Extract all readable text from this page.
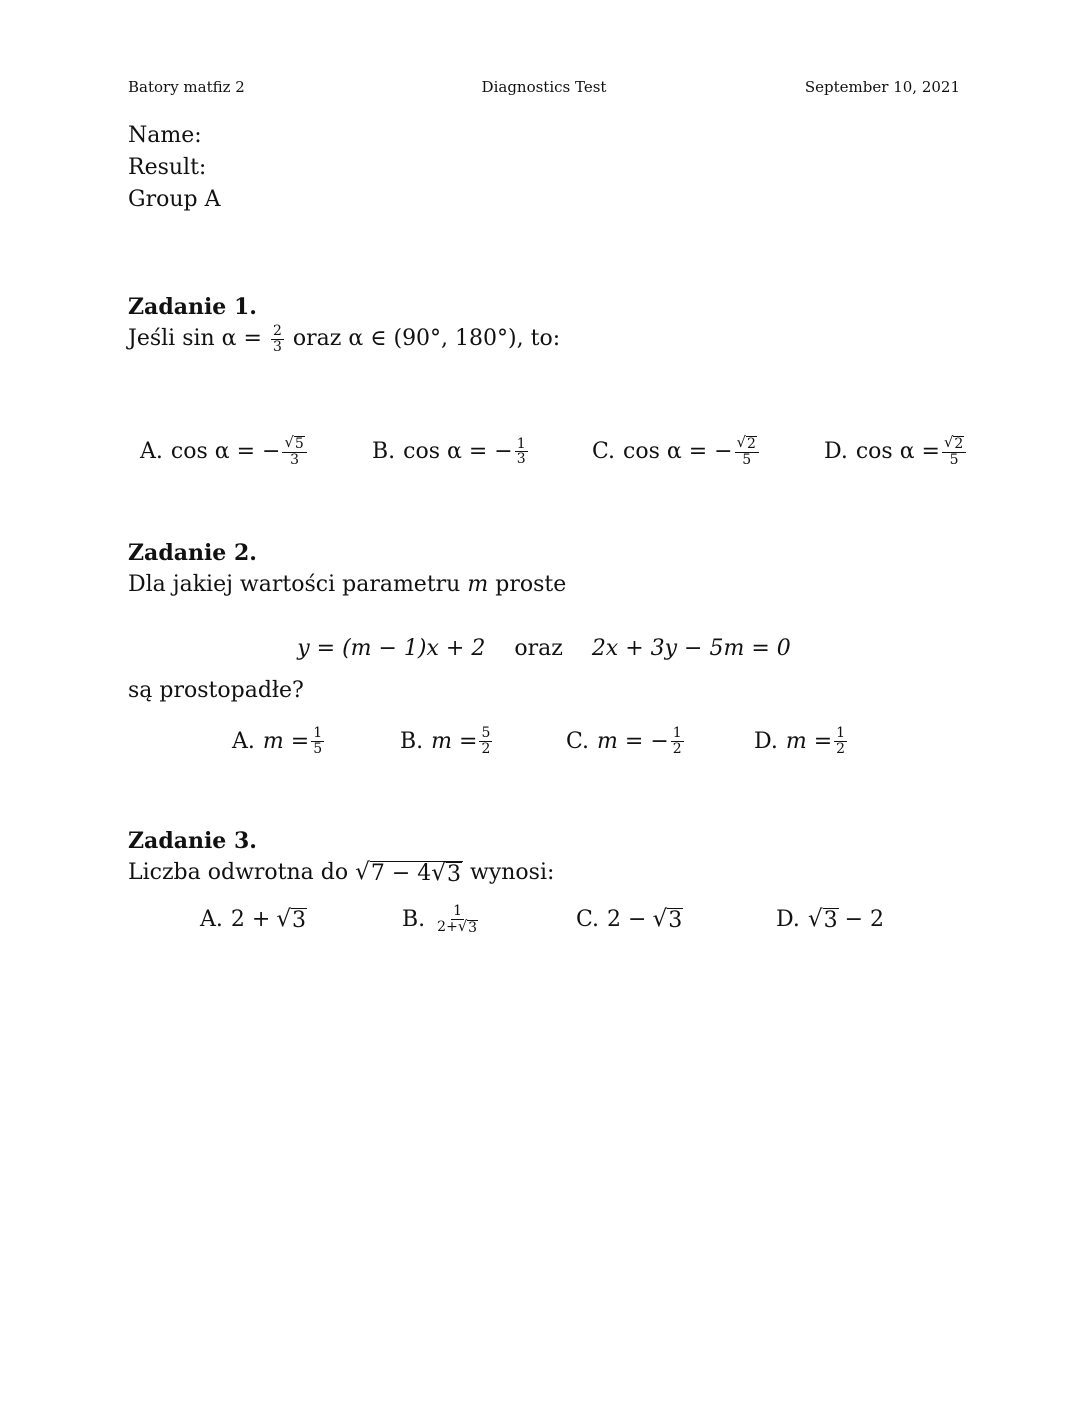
Batory matfiz 2	Diagnostics Test	September 10, 2021
Name:
Result:
Group A
Zadanie 1.
Jeśli $\sin \alpha = \frac{2}{3}$ oraz α ∈ (90°, 180°), to:
A. cos α = − $\frac{√ 5}{3}$	B. cos α = − $\frac{1}{3}$	C. cos α = − $\frac{√ 2}{5}$	D. $\cos \alpha = \frac{√ 2}{5}$
Zadanie 2.
Dla jakiej wartości parametru m proste
y = (m − 1)x + 2 oraz 2x + 3y − 5m = 0
są prostopadłe?
A. $m = \frac{1}{5}$	B. $m = \frac{5}{2}$	C. m = − $\frac{1}{2}$	D. $m = \frac{1}{2}$
Zadanie 3.
Liczba odwrotna do √ 7 − 4 √ 3 wynosi:
A. 2 + √ 3	B. $\frac{1}{2+ √ 3}$	C. 2 − √ 3	D. √ 3 − 2
